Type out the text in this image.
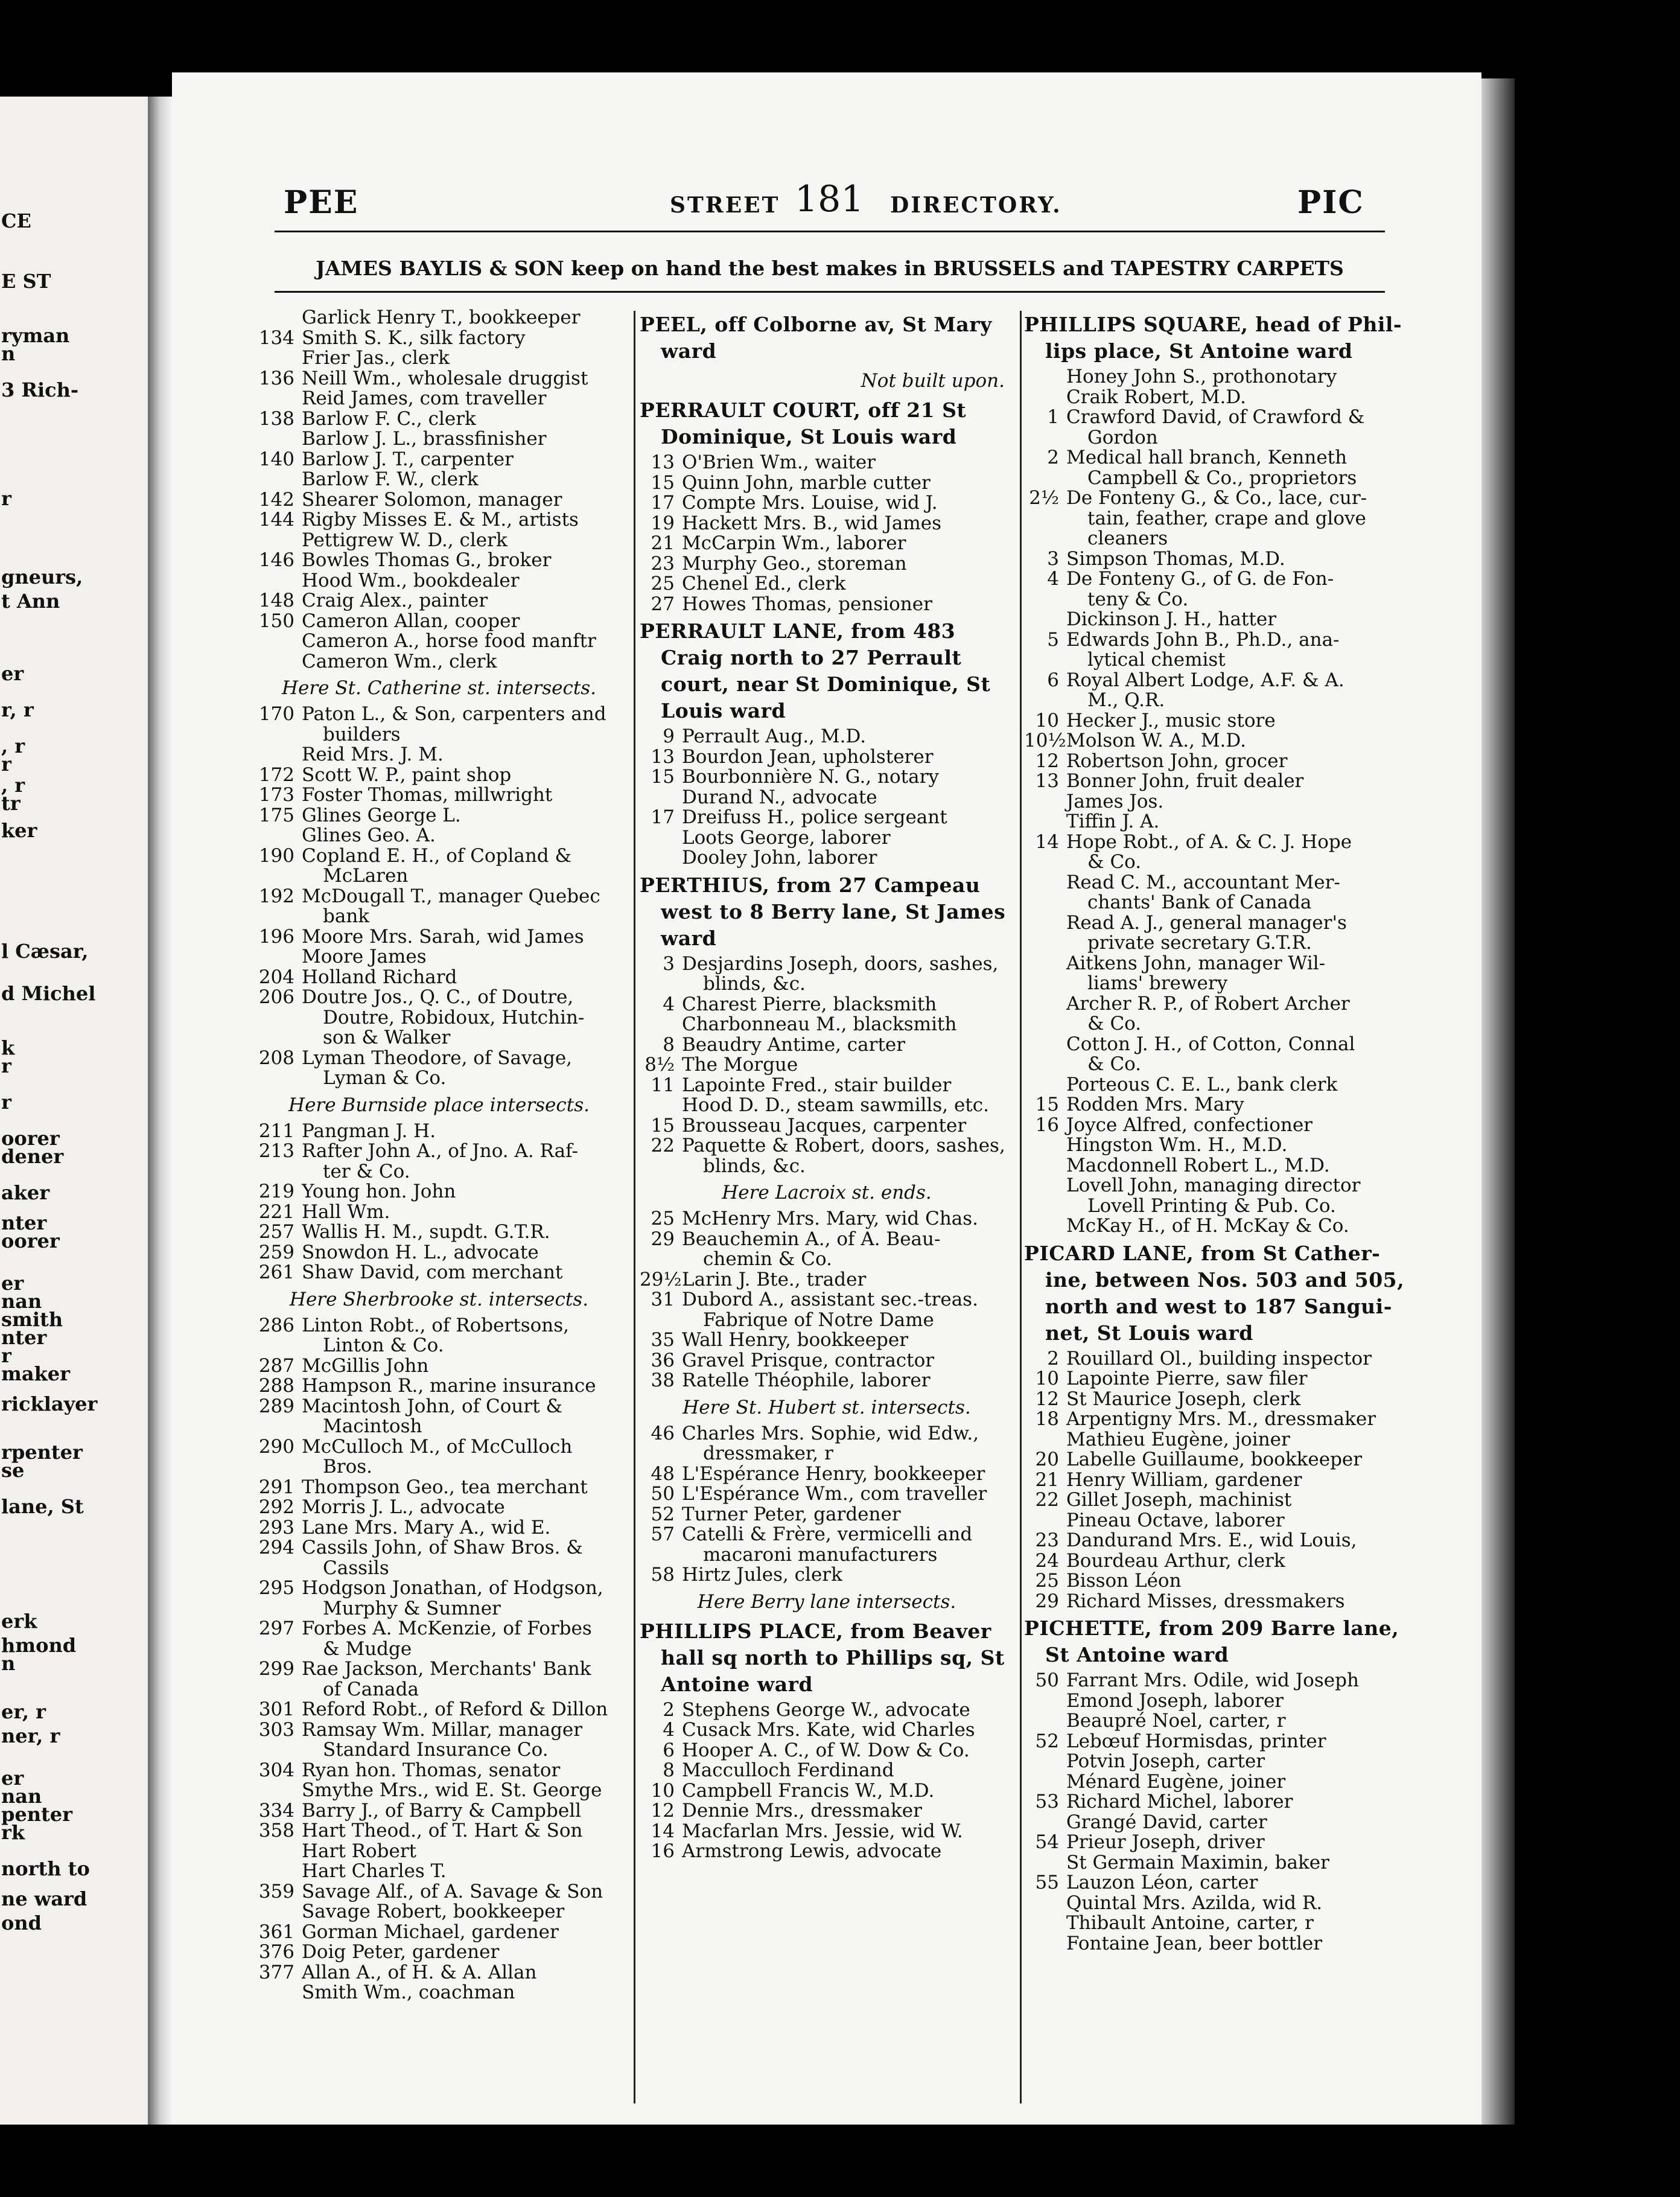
CE
E ST
ryman
n
3 Rich-
r
gneurs,
t Ann
er
r, r
, r
r
, r
tr
ker
l Cæsar,
d Michel
k
r
r
oorer
dener
aker
nter
oorer
er
nan
smith
nter
r
maker
ricklayer
rpenter
se
lane, St
erk
hmond
n
er, r
ner, r
er
nan
penter
rk
north to
ne ward
ond
PEE	STREET 181 DIRECTORY.	PIC
JAMES BAYLIS & SON keep on hand the best makes in BRUSSELS and TAPESTRY CARPETS
Garlick Henry T., bookkeeper
134 Smith S. K., silk factory
Frier Jas., clerk
136 Neill Wm., wholesale druggist
Reid James, com traveller
138 Barlow F. C., clerk
Barlow J. L., brassfinisher
140 Barlow J. T., carpenter
Barlow F. W., clerk
142 Shearer Solomon, manager
144 Rigby Misses E. & M., artists
Pettigrew W. D., clerk
146 Bowles Thomas G., broker
Hood Wm., bookdealer
148 Craig Alex., painter
150 Cameron Allan, cooper
Cameron A., horse food manftr
Cameron Wm., clerk
Here St. Catherine st. intersects.
170 Paton L., & Son, carpenters and
builders
Reid Mrs. J. M.
172 Scott W. P., paint shop
173 Foster Thomas, millwright
175 Glines George L.
Glines Geo. A.
190 Copland E. H., of Copland &
McLaren
192 McDougall T., manager Quebec
bank
196 Moore Mrs. Sarah, wid James
Moore James
204 Holland Richard
206 Doutre Jos., Q. C., of Doutre,
Doutre, Robidoux, Hutchin-
son & Walker
208 Lyman Theodore, of Savage,
Lyman & Co.
Here Burnside place intersects.
211 Pangman J. H.
213 Rafter John A., of Jno. A. Raf-
ter & Co.
219 Young hon. John
221 Hall Wm.
257 Wallis H. M., supdt. G.T.R.
259 Snowdon H. L., advocate
261 Shaw David, com merchant
Here Sherbrooke st. intersects.
286 Linton Robt., of Robertsons,
Linton & Co.
287 McGillis John
288 Hampson R., marine insurance
289 Macintosh John, of Court &
Macintosh
290 McCulloch M., of McCulloch
Bros.
291 Thompson Geo., tea merchant
292 Morris J. L., advocate
293 Lane Mrs. Mary A., wid E.
294 Cassils John, of Shaw Bros. &
Cassils
295 Hodgson Jonathan, of Hodgson,
Murphy & Sumner
297 Forbes A. McKenzie, of Forbes
& Mudge
299 Rae Jackson, Merchants' Bank
of Canada
301 Reford Robt., of Reford & Dillon
303 Ramsay Wm. Millar, manager
Standard Insurance Co.
304 Ryan hon. Thomas, senator
Smythe Mrs., wid E. St. George
334 Barry J., of Barry & Campbell
358 Hart Theod., of T. Hart & Son
Hart Robert
Hart Charles T.
359 Savage Alf., of A. Savage & Son
Savage Robert, bookkeeper
361 Gorman Michael, gardener
376 Doig Peter, gardener
377 Allan A., of H. & A. Allan
Smith Wm., coachman
PEEL, off Colborne av, St Mary
ward
Not built upon.
PERRAULT COURT, off 21 St
Dominique, St Louis ward
13 O'Brien Wm., waiter
15 Quinn John, marble cutter
17 Compte Mrs. Louise, wid J.
19 Hackett Mrs. B., wid James
21 McCarpin Wm., laborer
23 Murphy Geo., storeman
25 Chenel Ed., clerk
27 Howes Thomas, pensioner
PERRAULT LANE, from 483
Craig north to 27 Perrault
court, near St Dominique, St
Louis ward
9 Perrault Aug., M.D.
13 Bourdon Jean, upholsterer
15 Bourbonnière N. G., notary
Durand N., advocate
17 Dreifuss H., police sergeant
Loots George, laborer
Dooley John, laborer
PERTHIUS, from 27 Campeau
west to 8 Berry lane, St James
ward
3 Desjardins Joseph, doors, sashes,
blinds, &c.
4 Charest Pierre, blacksmith
Charbonneau M., blacksmith
8 Beaudry Antime, carter
8½ The Morgue
11 Lapointe Fred., stair builder
Hood D. D., steam sawmills, etc.
15 Brousseau Jacques, carpenter
22 Paquette & Robert, doors, sashes,
blinds, &c.
Here Lacroix st. ends.
25 McHenry Mrs. Mary, wid Chas.
29 Beauchemin A., of A. Beau-
chemin & Co.
29½ Larin J. Bte., trader
31 Dubord A., assistant sec.-treas.
Fabrique of Notre Dame
35 Wall Henry, bookkeeper
36 Gravel Prisque, contractor
38 Ratelle Théophile, laborer
Here St. Hubert st. intersects.
46 Charles Mrs. Sophie, wid Edw.,
dressmaker, r
48 L'Espérance Henry, bookkeeper
50 L'Espérance Wm., com traveller
52 Turner Peter, gardener
57 Catelli & Frère, vermicelli and
macaroni manufacturers
58 Hirtz Jules, clerk
Here Berry lane intersects.
PHILLIPS PLACE, from Beaver
hall sq north to Phillips sq, St
Antoine ward
2 Stephens George W., advocate
4 Cusack Mrs. Kate, wid Charles
6 Hooper A. C., of W. Dow & Co.
8 Macculloch Ferdinand
10 Campbell Francis W., M.D.
12 Dennie Mrs., dressmaker
14 Macfarlan Mrs. Jessie, wid W.
16 Armstrong Lewis, advocate
PHILLIPS SQUARE, head of Phil-
lips place, St Antoine ward
Honey John S., prothonotary
Craik Robert, M.D.
1 Crawford David, of Crawford &
Gordon
2 Medical hall branch, Kenneth
Campbell & Co., proprietors
2½ De Fonteny G., & Co., lace, cur-
tain, feather, crape and glove
cleaners
3 Simpson Thomas, M.D.
4 De Fonteny G., of G. de Fon-
teny & Co.
Dickinson J. H., hatter
5 Edwards John B., Ph.D., ana-
lytical chemist
6 Royal Albert Lodge, A.F. & A.
M., Q.R.
10 Hecker J., music store
10½ Molson W. A., M.D.
12 Robertson John, grocer
13 Bonner John, fruit dealer
James Jos.
Tiffin J. A.
14 Hope Robt., of A. & C. J. Hope
& Co.
Read C. M., accountant Mer-
chants' Bank of Canada
Read A. J., general manager's
private secretary G.T.R.
Aitkens John, manager Wil-
liams' brewery
Archer R. P., of Robert Archer
& Co.
Cotton J. H., of Cotton, Connal
& Co.
Porteous C. E. L., bank clerk
15 Rodden Mrs. Mary
16 Joyce Alfred, confectioner
Hingston Wm. H., M.D.
Macdonnell Robert L., M.D.
Lovell John, managing director
Lovell Printing & Pub. Co.
McKay H., of H. McKay & Co.
PICARD LANE, from St Cather-
ine, between Nos. 503 and 505,
north and west to 187 Sangui-
net, St Louis ward
2 Rouillard Ol., building inspector
10 Lapointe Pierre, saw filer
12 St Maurice Joseph, clerk
18 Arpentigny Mrs. M., dressmaker
Mathieu Eugène, joiner
20 Labelle Guillaume, bookkeeper
21 Henry William, gardener
22 Gillet Joseph, machinist
Pineau Octave, laborer
23 Dandurand Mrs. E., wid Louis,
24 Bourdeau Arthur, clerk
25 Bisson Léon
29 Richard Misses, dressmakers
PICHETTE, from 209 Barre lane,
St Antoine ward
50 Farrant Mrs. Odile, wid Joseph
Emond Joseph, laborer
Beaupré Noel, carter, r
52 Lebœuf Hormisdas, printer
Potvin Joseph, carter
Ménard Eugène, joiner
53 Richard Michel, laborer
Grangé David, carter
54 Prieur Joseph, driver
St Germain Maximin, baker
55 Lauzon Léon, carter
Quintal Mrs. Azilda, wid R.
Thibault Antoine, carter, r
Fontaine Jean, beer bottler
